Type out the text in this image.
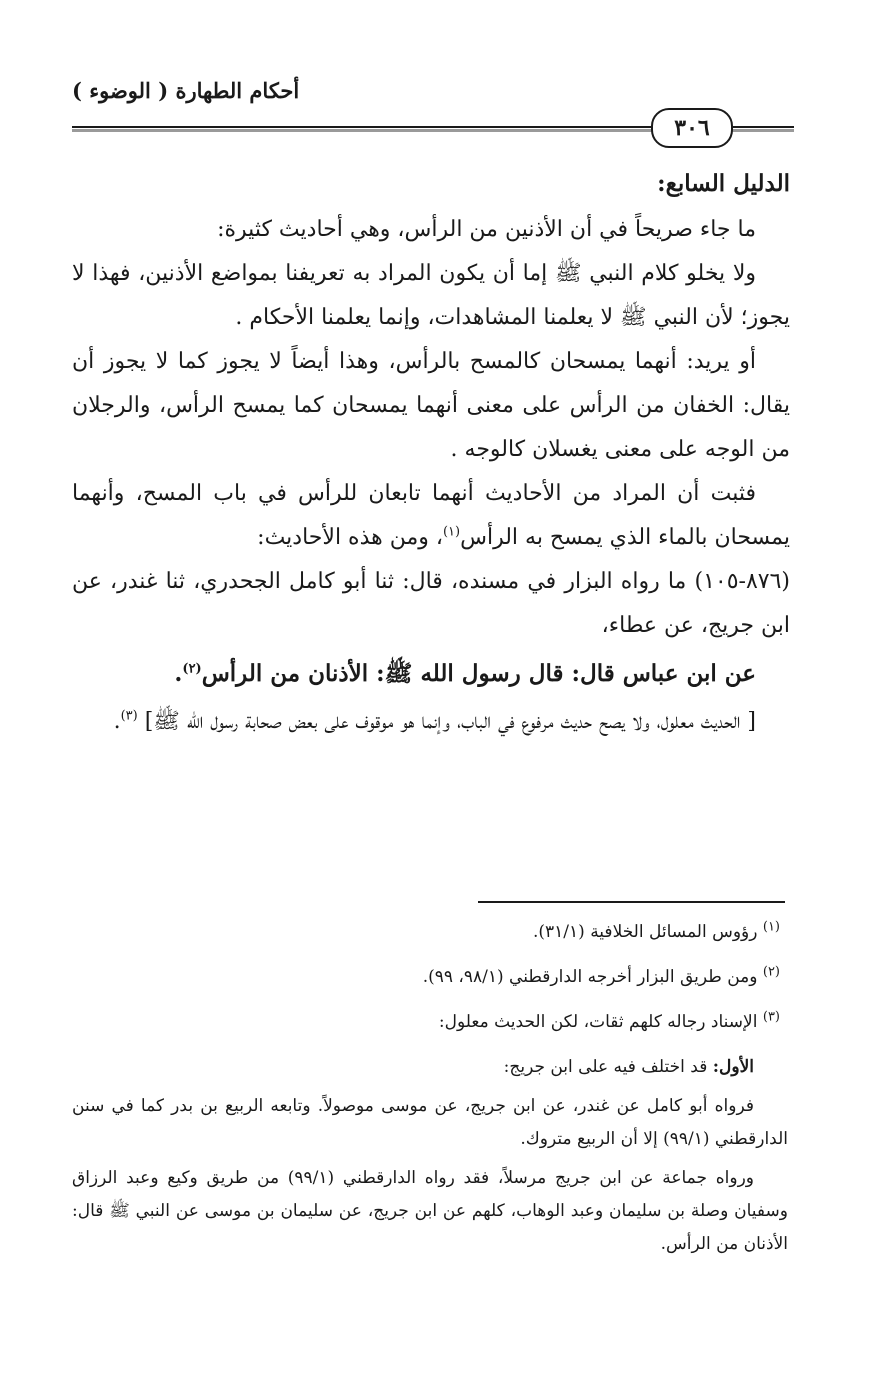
أحكام الطهارة ( الوضوء )
٣٠٦

الدليل السابع:

ما جاء صريحاً في أن الأذنين من الرأس، وهي أحاديث كثيرة:

ولا يخلو كلام النبي ﷺ إما أن يكون المراد به تعريفنا بمواضع الأذنين، فهذا لا يجوز؛ لأن النبي ﷺ لا يعلمنا المشاهدات، وإنما يعلمنا الأحكام .

أو يريد: أنهما يمسحان كالمسح بالرأس، وهذا أيضاً لا يجوز كما لا يجوز أن يقال: الخفان من الرأس على معنى أنهما يمسحان كما يمسح الرأس، والرجلان من الوجه على معنى يغسلان كالوجه .

فثبت أن المراد من الأحاديث أنهما تابعان للرأس في باب المسح، وأنهما يمسحان بالماء الذي يمسح به الرأس$^{(١)}$، ومن هذه الأحاديث:

(٨٧٦-١٠٥) ما رواه البزار في مسنده، قال: ثنا أبو كامل الجحدري، ثنا غندر، عن ابن جريج، عن عطاء،

عن ابن عباس قال: قال رسول الله ﷺ: الأذنان من الرأس$^{(٢)}$.

[ الحديث معلول، ولا يصح حديث مرفوع في الباب، وإنما هو موقوف على بعض صحابة رسول الله ﷺ] $^{(٣)}$.

$^{(١)}$ رؤوس المسائل الخلافية (٣١/١).

$^{(٢)}$ ومن طريق البزار أخرجه الدارقطني (٩٨/١، ٩٩).

$^{(٣)}$ الإسناد رجاله كلهم ثقات، لكن الحديث معلول:

الأول: قد اختلف فيه على ابن جريج:

فرواه أبو كامل عن غندر، عن ابن جريج، عن موسى موصولاً. وتابعه الربيع بن بدر كما في سنن الدارقطني (٩٩/١) إلا أن الربيع متروك.

ورواه جماعة عن ابن جريج مرسلاً، فقد رواه الدارقطني (٩٩/١) من طريق وكيع وعبد الرزاق وسفيان وصلة بن سليمان وعبد الوهاب، كلهم عن ابن جريج، عن سليمان بن موسى عن النبي ﷺ قال: الأذنان من الرأس.
